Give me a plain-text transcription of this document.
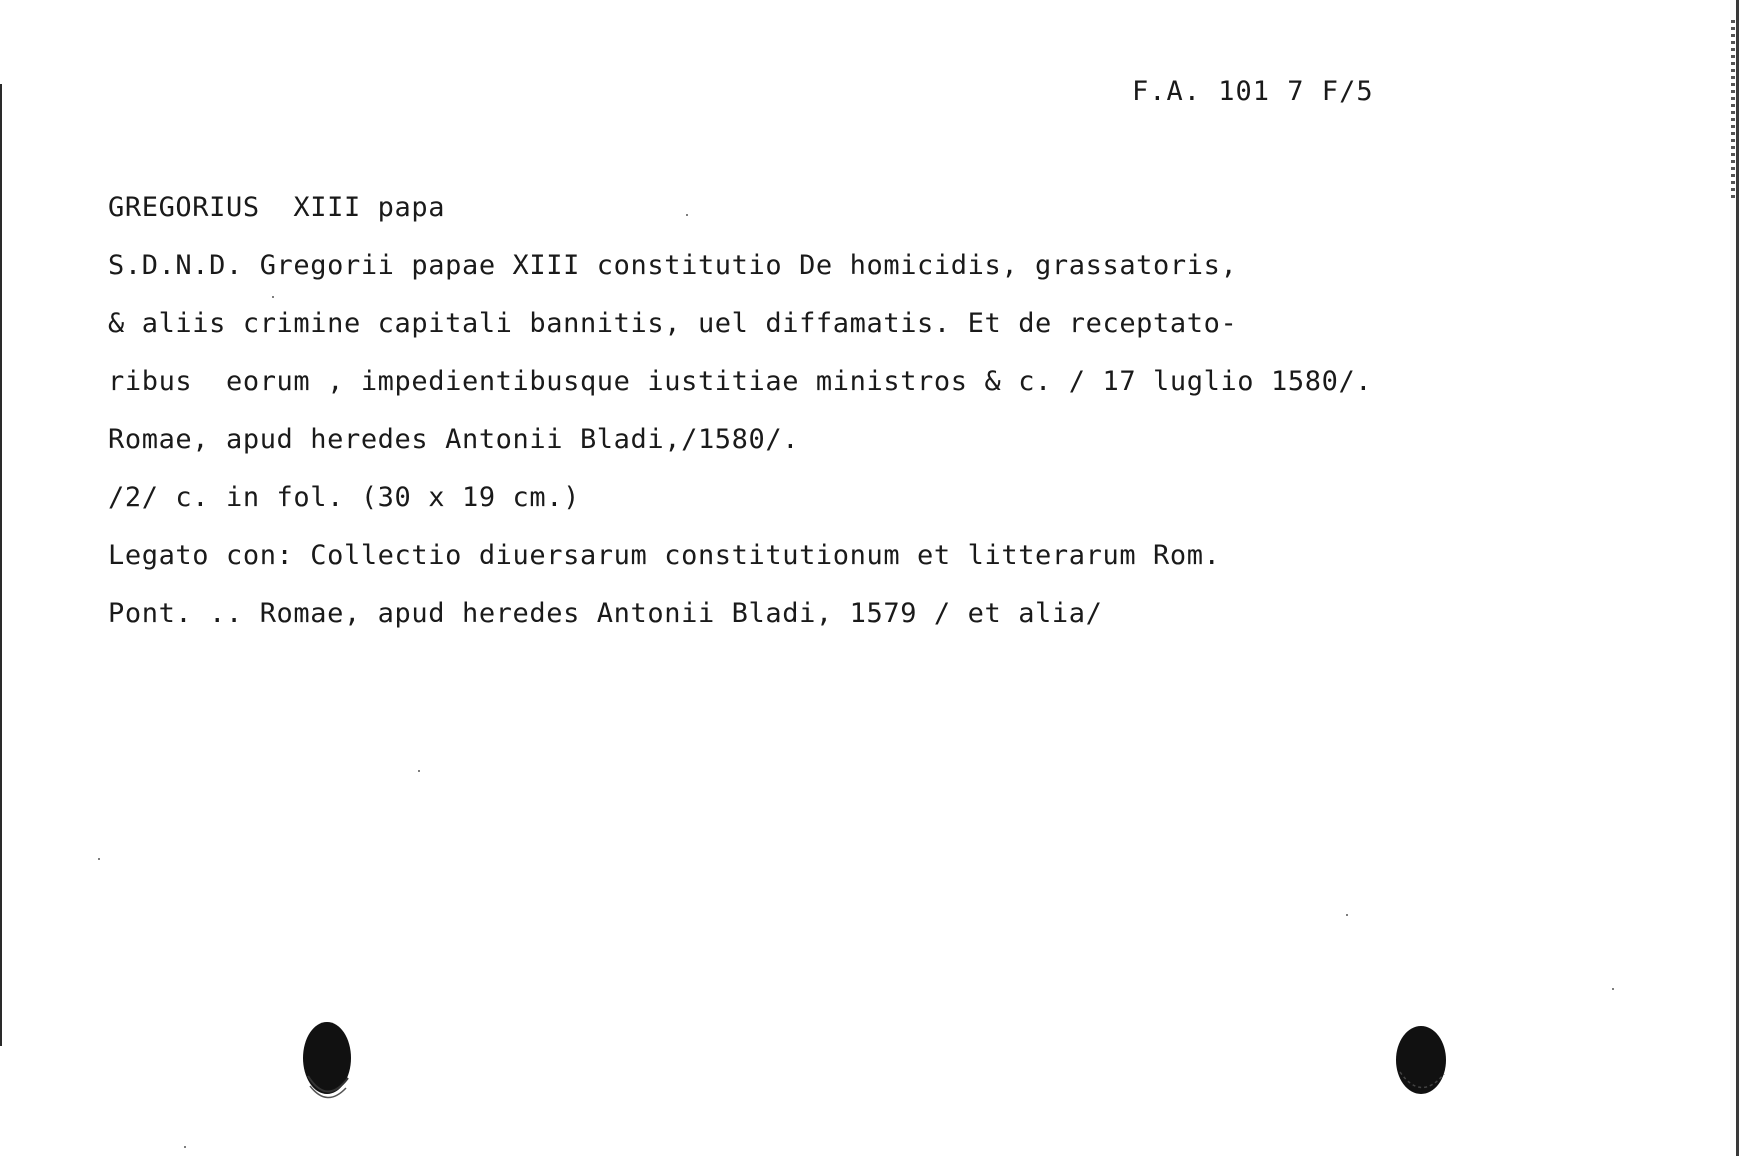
F.A. 101 7 F/5
GREGORIUS  XIII papa
S.D.N.D. Gregorii papae XIII constitutio De homicidis, grassatoris,
& aliis crimine capitali bannitis, uel diffamatis. Et de receptato-
ribus  eorum , impedientibusque iustitiae ministros & c. / 17 luglio 1580/.
Romae, apud heredes Antonii Bladi,/1580/.
/2/ c. in fol. (30 x 19 cm.)
Legato con: Collectio diuersarum constitutionum et litterarum Rom.
Pont. .. Romae, apud heredes Antonii Bladi, 1579 / et alia/
